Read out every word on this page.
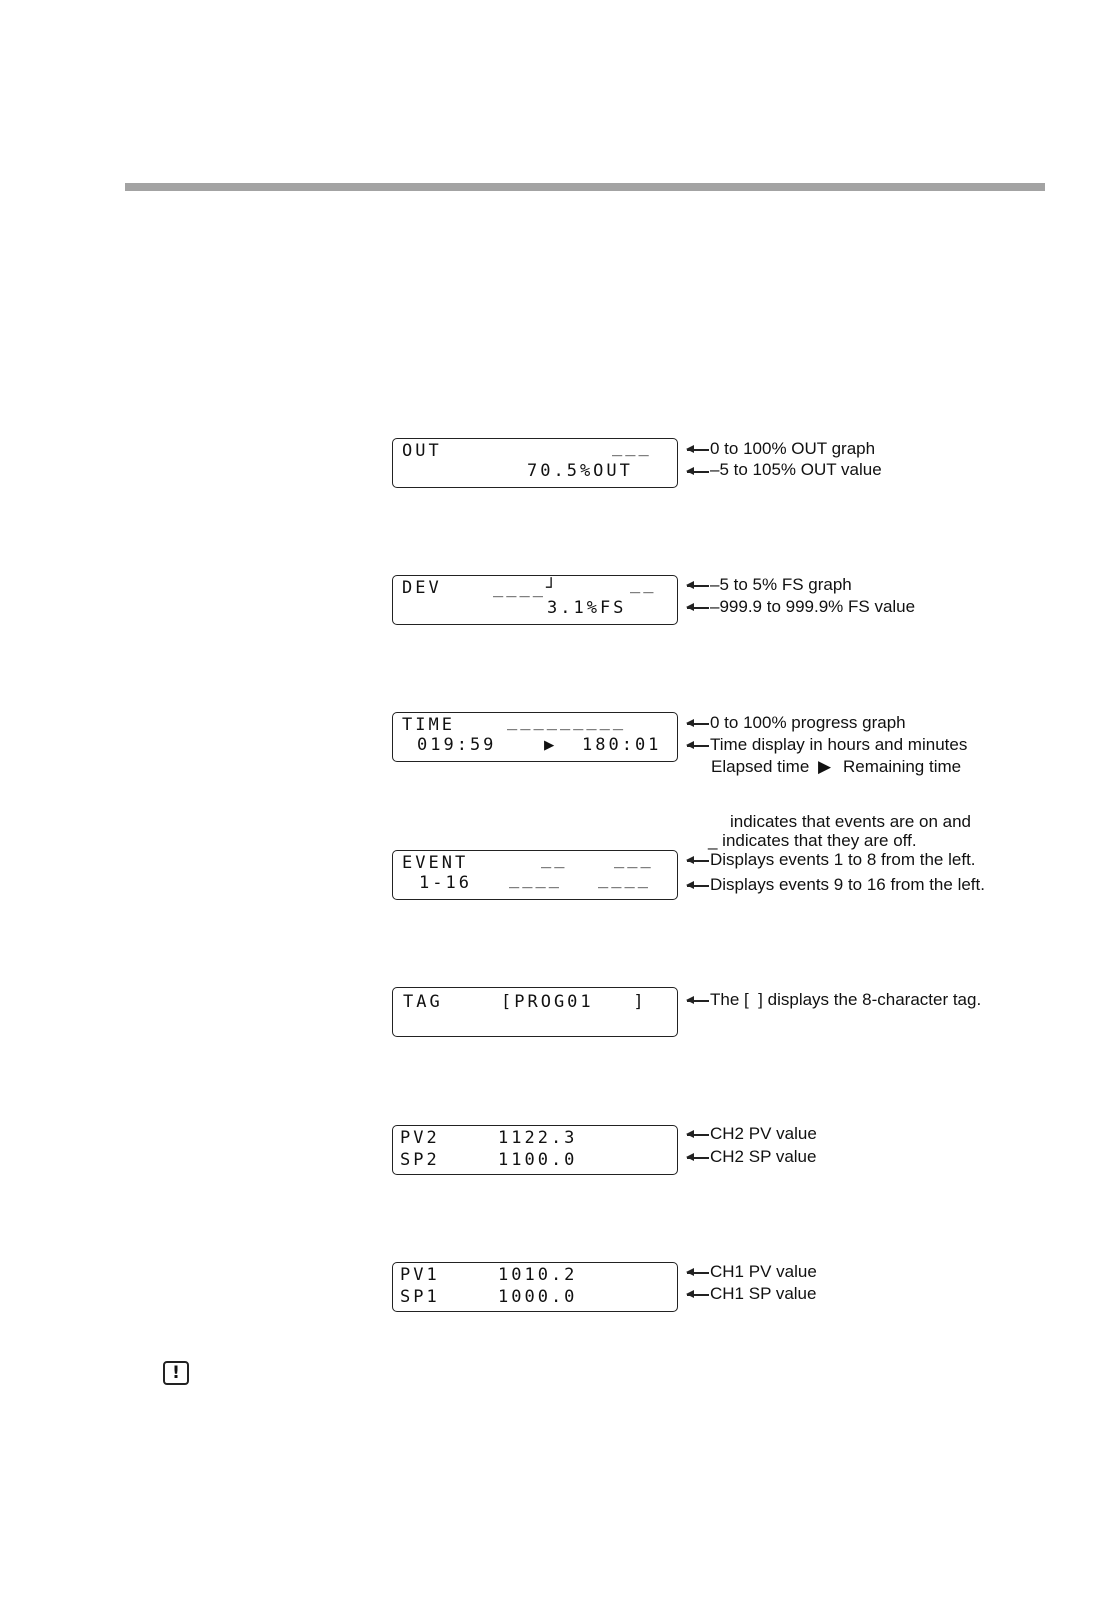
OUT	___
70.5%OUT
0 to 100% OUT graph
–5 to 105% OUT value
DEV	____┘	__
3.1%FS
–5 to 5% FS graph
–999.9 to 999.9% FS value
TIME	_________
019:59	▶ 180:01
0 to 100% progress graph
Time display in hours and minutes
Elapsed time ▶ Remaining time
indicates that events are on and
_ indicates that they are off.
EVENT	__	___
1-16 ____ ____
Displays events 1 to 8 from the left.
Displays events 9 to 16 from the left.
TAG	[PROG01   ]	The [  ] displays the 8-character tag.
PV2	1122.3
SP2	1100.0
CH2 PV value
CH2 SP value
PV1	1010.2
SP1	1000.0
CH1 PV value
CH1 SP value
!
